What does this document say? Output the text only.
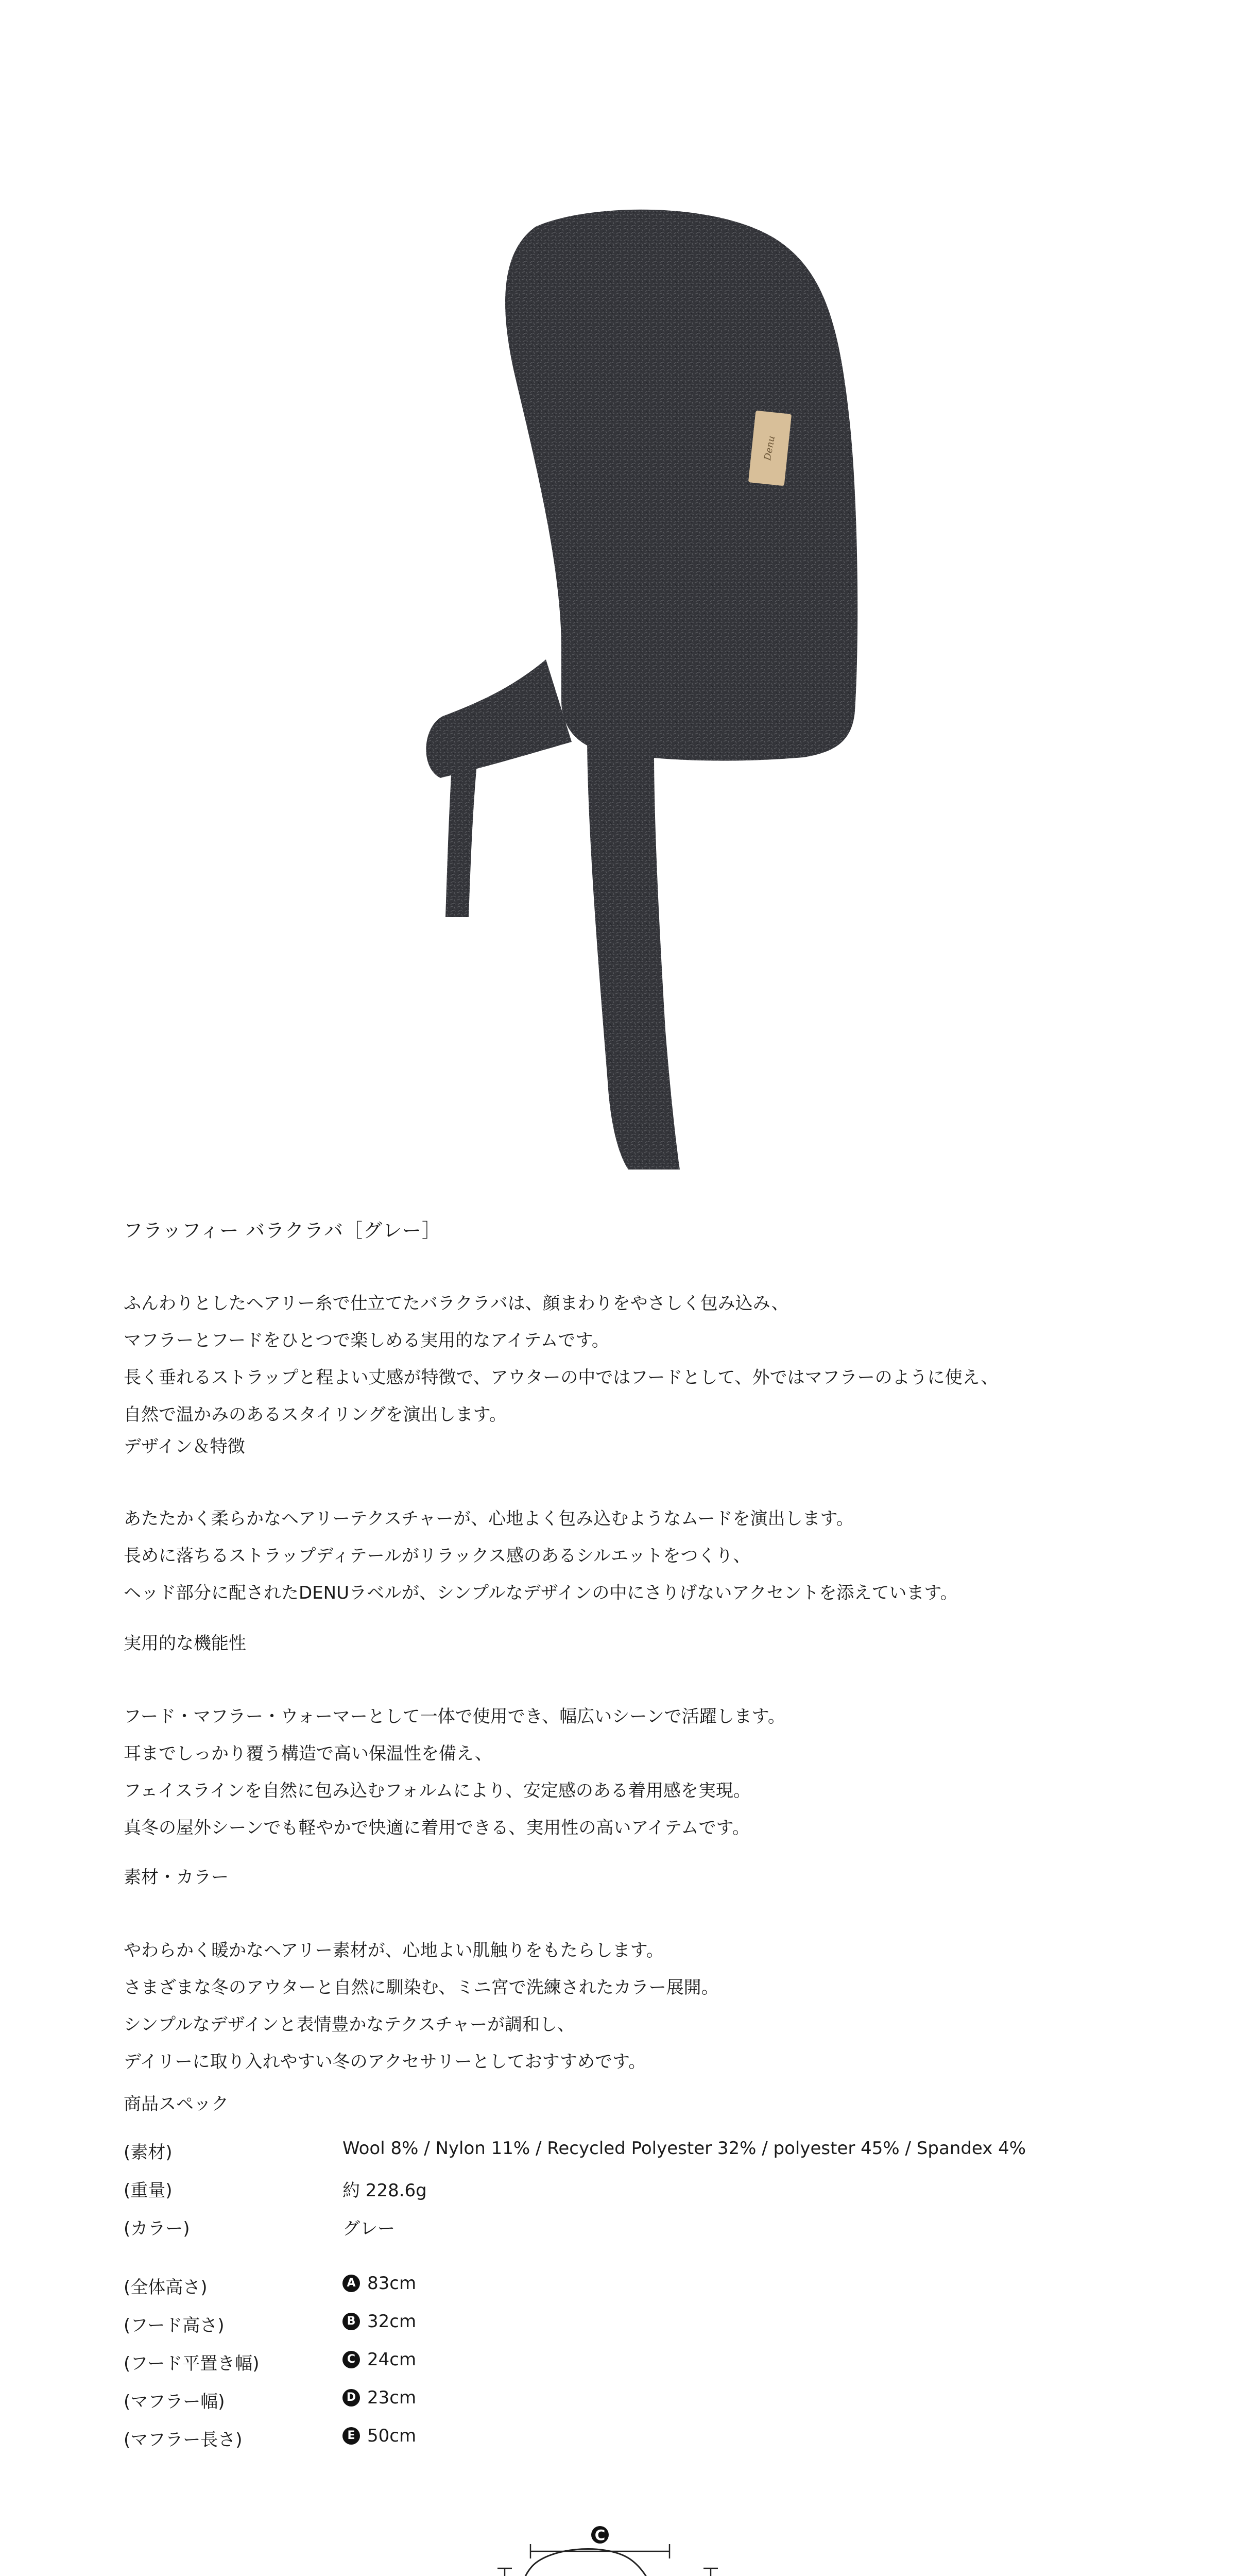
Denu
フラッフィー バラクラバ［グレー］
ふんわりとしたヘアリー糸で仕立てたバラクラバは、顔まわりをやさしく包み込み、
マフラーとフードをひとつで楽しめる実用的なアイテムです。
長く垂れるストラップと程よい丈感が特徴で、アウターの中ではフードとして、外ではマフラーのように使え、
自然で温かみのあるスタイリングを演出します。
デザイン＆特徴
あたたかく柔らかなヘアリーテクスチャーが、心地よく包み込むようなムードを演出します。
長めに落ちるストラップディテールがリラックス感のあるシルエットをつくり、
ヘッド部分に配されたDENUラベルが、シンプルなデザインの中にさりげないアクセントを添えています。
実用的な機能性
フード・マフラー・ウォーマーとして一体で使用でき、幅広いシーンで活躍します。
耳までしっかり覆う構造で高い保温性を備え、
フェイスラインを自然に包み込むフォルムにより、安定感のある着用感を実現。
真冬の屋外シーンでも軽やかで快適に着用できる、実用性の高いアイテムです。
素材・カラー
やわらかく暖かなヘアリー素材が、心地よい肌触りをもたらします。
さまざまな冬のアウターと自然に馴染む、ミニ宮で洗練されたカラー展開。
シンプルなデザインと表情豊かなテクスチャーが調和し、
デイリーに取り入れやすい冬のアクセサリーとしておすすめです。
商品スペック
(素材)	Wool 8% / Nylon 11% / Recycled Polyester 32% / polyester 45% / Spandex 4%
(重量)	約 228.6g
(カラー)	グレー
(全体高さ)	A 83cm
(フード高さ)	B 32cm
(フード平置き幅)	C 24cm
(マフラー幅)	D 23cm
(マフラー長さ)	E 50cm
C
